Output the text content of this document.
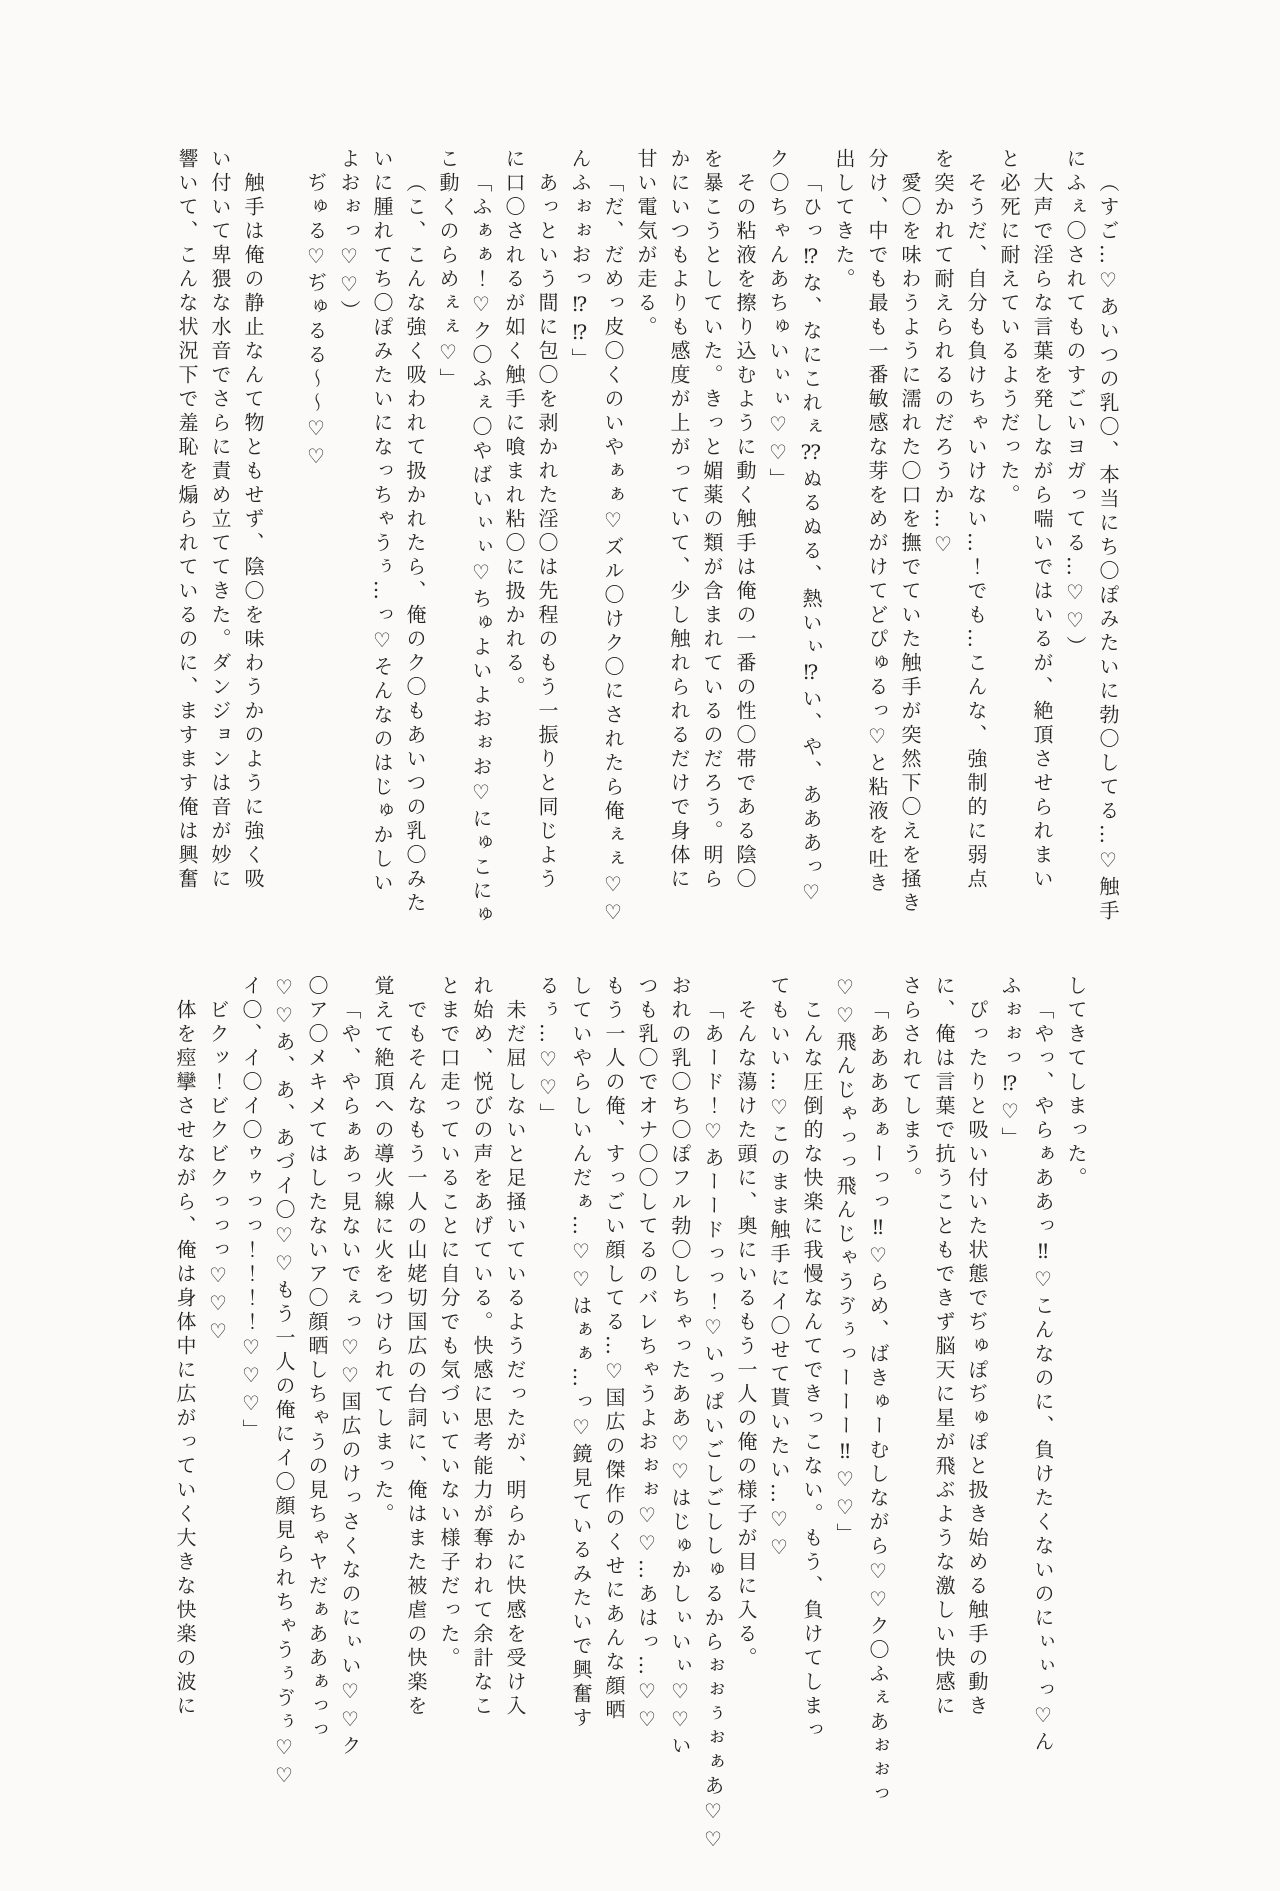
（すご…♡あいつの乳〇、本当にち〇ぽみたいに勃〇してる…♡触手

にふぇ〇されてものすごいヨガってる…♡♡）

大声で淫らな言葉を発しながら喘いではいるが、絶頂させられまい

と必死に耐えているようだった。

そうだ、自分も負けちゃいけない…！でも…こんな、強制的に弱点

を突かれて耐えられるのだろうか…♡

愛〇を味わうように濡れた〇口を撫でていた触手が突然下〇えを掻き

分け、中でも最も一番敏感な芽をめがけてどぴゅるっ♡と粘液を吐き

出してきた。

「ひっ⁉な、なにこれぇ⁇ぬるぬる、熱いぃ⁉い、や、あああっ♡

ク〇ちゃんあちゅいぃぃ♡♡」

その粘液を擦り込むように動く触手は俺の一番の性〇帯である陰〇

を暴こうとしていた。きっと媚薬の類が含まれているのだろう。明ら

かにいつもよりも感度が上がっていて、少し触れられるだけで身体に

甘い電気が走る。

「だ、だめっ皮〇くのいやぁぁ♡ズル〇けク〇にされたら俺ぇぇ♡♡

んふぉぉおっ⁉⁉」

あっという間に包〇を剥かれた淫〇は先程のもう一振りと同じよう

に口〇されるが如く触手に喰まれ粘〇に扱かれる。

「ふぁぁ！♡ク〇ふぇ〇やばいぃぃ♡ちゅよいよおぉお♡にゅこにゅ

こ動くのらめぇぇ♡」

（こ、こんな強く吸われて扱かれたら、俺のク〇もあいつの乳〇みた

いに腫れてち〇ぽみたいになっちゃうぅ…っ♡そんなのはじゅかしい

よおぉっ♡♡）

ぢゅる♡ぢゅるる～～♡♡

触手は俺の静止なんて物ともせず、陰〇を味わうかのように強く吸

い付いて卑猥な水音でさらに責め立ててきた。ダンジョンは音が妙に

響いて、こんな状況下で羞恥を煽られているのに、ますます俺は興奮

してきてしまった。

「やっ、やらぁああっ‼♡こんなのに、負けたくないのにぃぃっ♡ん

ふぉぉっ⁉♡」

ぴったりと吸い付いた状態でぢゅぽぢゅぽと扱き始める触手の動き

に、俺は言葉で抗うこともできず脳天に星が飛ぶような激しい快感に

さらされてしまう。

「ああああぁーっっ‼♡らめ、ばきゅーむしながら♡♡ク〇ふぇあぉぉっ

♡♡飛んじゃっっ飛んじゃうゔぅっーーー‼♡♡」

こんな圧倒的な快楽に我慢なんてできっこない。もう、負けてしまっ

てもいい…♡このまま触手にイ〇せて貰いたい…♡♡

そんな蕩けた頭に、奥にいるもう一人の俺の様子が目に入る。

「あード！♡あーードっっ！♡いっぱいごしごししゅるからぉぉぅぉぁあ♡♡

おれの乳〇ち〇ぽフル勃〇しちゃったああ♡♡はじゅかしぃいぃ♡♡い

つも乳〇でオナ〇〇してるのバレちゃうよおぉぉ♡♡…あはっ…♡♡

もう一人の俺、すっごい顔してる…♡国広の傑作のくせにあんな顔晒

していやらしいんだぁ…♡♡はぁぁ…っ♡鏡見ているみたいで興奮す

るぅ…♡♡」

未だ屈しないと足掻いているようだったが、明らかに快感を受け入

れ始め、悦びの声をあげている。快感に思考能力が奪われて余計なこ

とまで口走っていることに自分でも気づいていない様子だった。

でもそんなもう一人の山姥切国広の台詞に、俺はまた被虐の快楽を

覚えて絶頂への導火線に火をつけられてしまった。

「や、やらぁあっ見ないでぇっ♡♡国広のけっさくなのにぃい♡♡ク

〇ア〇メキメてはしたないア〇顔晒しちゃうの見ちゃヤだぁああぁっっ

♡♡あ、あ、あづイ〇♡♡もう一人の俺にイ〇顔見られちゃうぅゔぅ♡♡

イ〇、イ〇イ〇ゥゥっっ！！！！♡♡♡」

ビクッ！ビクビクっっっ♡♡♡

体を痙攣させながら、俺は身体中に広がっていく大きな快楽の波に
